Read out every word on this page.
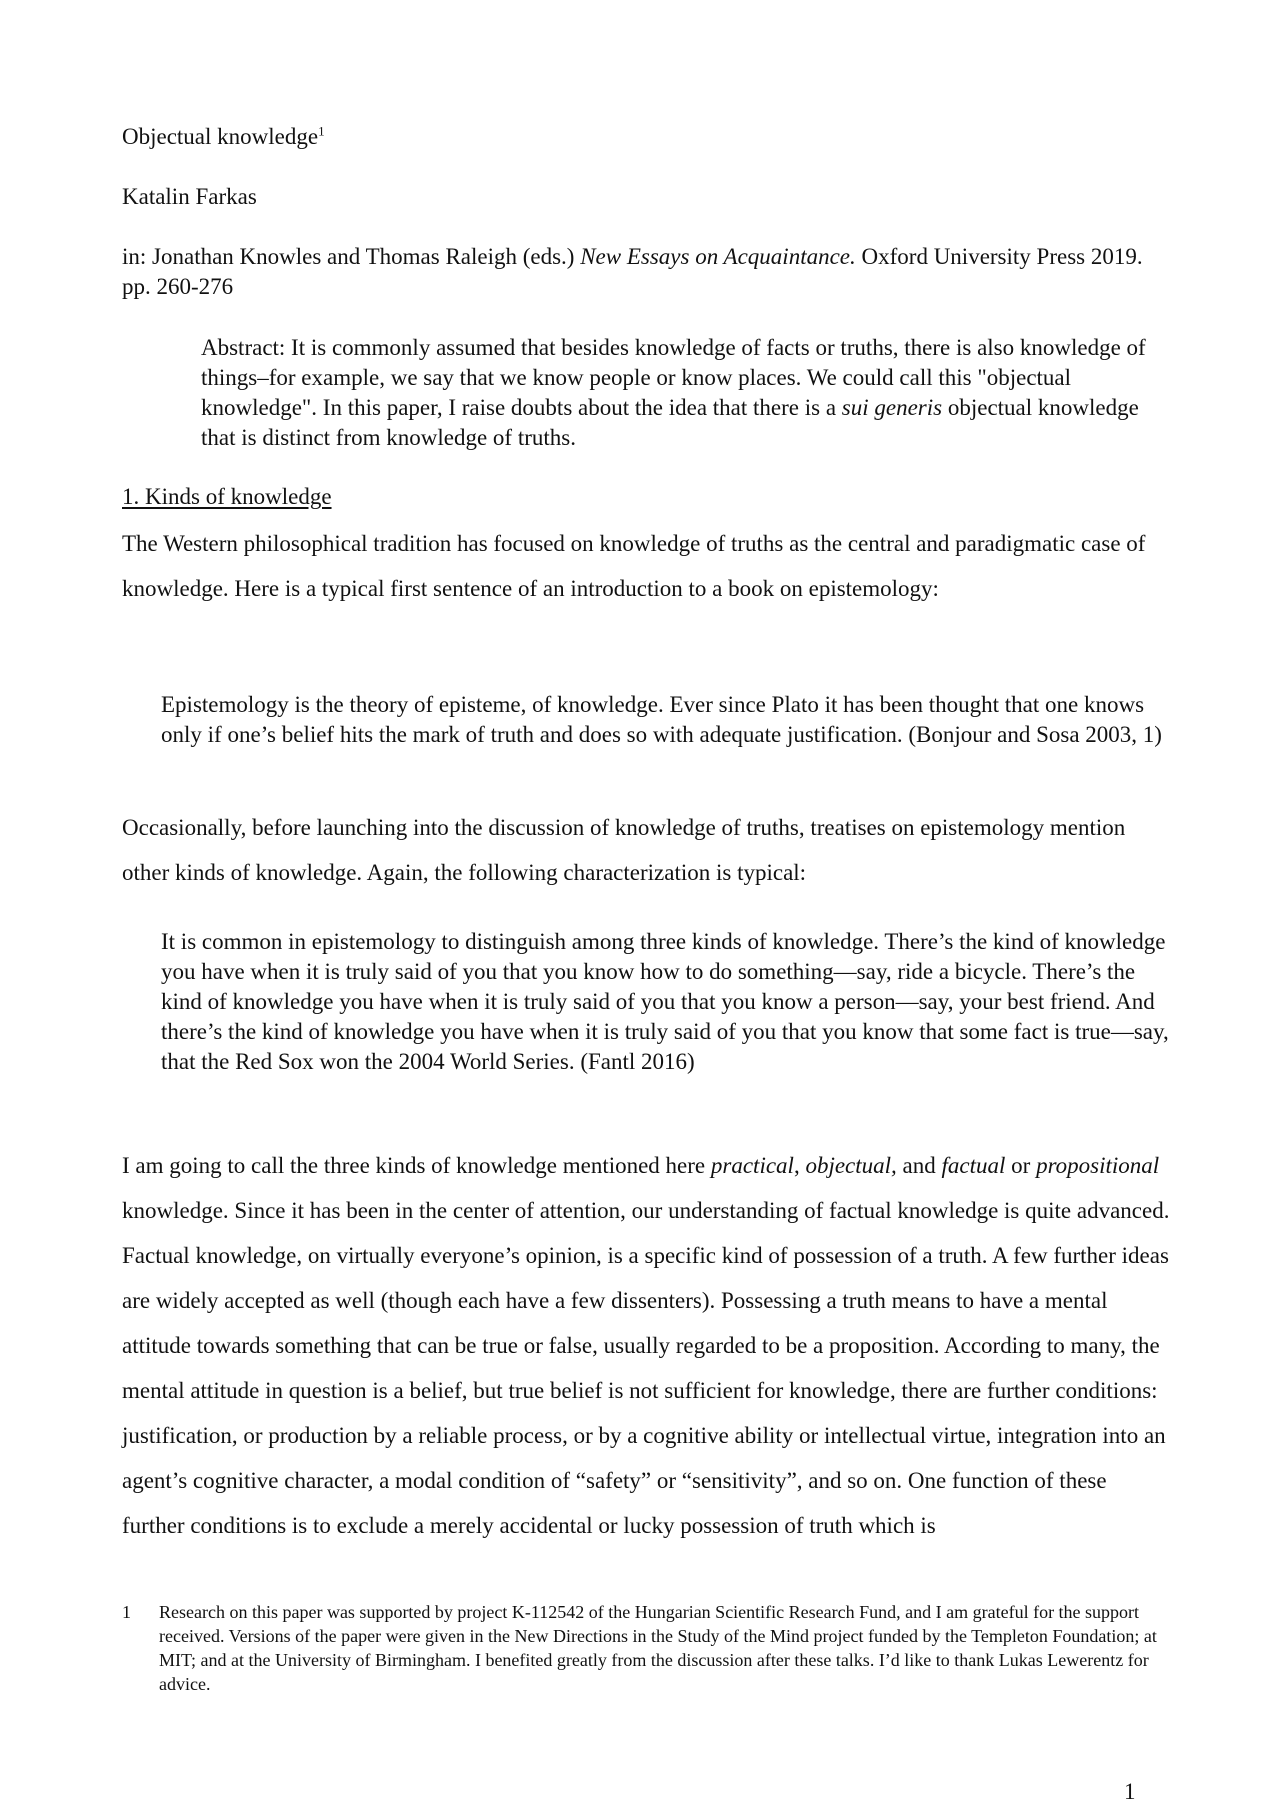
Objectual knowledge$^1$

Katalin Farkas

in: Jonathan Knowles and Thomas Raleigh (eds.) New Essays on Acquaintance. Oxford University Press 2019. pp. 260-276

Abstract: It is commonly assumed that besides knowledge of facts or truths, there is also knowledge of things–for example, we say that we know people or know places. We could call this "objectual knowledge". In this paper, I raise doubts about the idea that there is a sui generis objectual knowledge that is distinct from knowledge of truths.

1. Kinds of knowledge

The Western philosophical tradition has focused on knowledge of truths as the central and paradigmatic case of knowledge. Here is a typical first sentence of an introduction to a book on epistemology:

Epistemology is the theory of episteme, of knowledge. Ever since Plato it has been thought that one knows only if one’s belief hits the mark of truth and does so with adequate justification. (Bonjour and Sosa 2003, 1)

Occasionally, before launching into the discussion of knowledge of truths, treatises on epistemology mention other kinds of knowledge. Again, the following characterization is typical:

It is common in epistemology to distinguish among three kinds of knowledge. There’s the kind of knowledge you have when it is truly said of you that you know how to do something—say, ride a bicycle. There’s the kind of knowledge you have when it is truly said of you that you know a person—say, your best friend. And there’s the kind of knowledge you have when it is truly said of you that you know that some fact is true—say, that the Red Sox won the 2004 World Series. (Fantl 2016)

I am going to call the three kinds of knowledge mentioned here practical, objectual, and factual or propositional knowledge. Since it has been in the center of attention, our understanding of factual knowledge is quite advanced. Factual knowledge, on virtually everyone’s opinion, is a specific kind of possession of a truth. A few further ideas are widely accepted as well (though each have a few dissenters). Possessing a truth means to have a mental attitude towards something that can be true or false, usually regarded to be a proposition. According to many, the mental attitude in question is a belief, but true belief is not sufficient for knowledge, there are further conditions: justification, or production by a reliable process, or by a cognitive ability or intellectual virtue, integration into an agent’s cognitive character, a modal condition of “safety” or “sensitivity”, and so on. One function of these further conditions is to exclude a merely accidental or lucky possession of truth which is

1 Research on this paper was supported by project K-112542 of the Hungarian Scientific Research Fund, and I am grateful for the support received. Versions of the paper were given in the New Directions in the Study of the Mind project funded by the Templeton Foundation; at MIT; and at the University of Birmingham. I benefited greatly from the discussion after these talks. I’d like to thank Lukas Lewerentz for advice.
1
